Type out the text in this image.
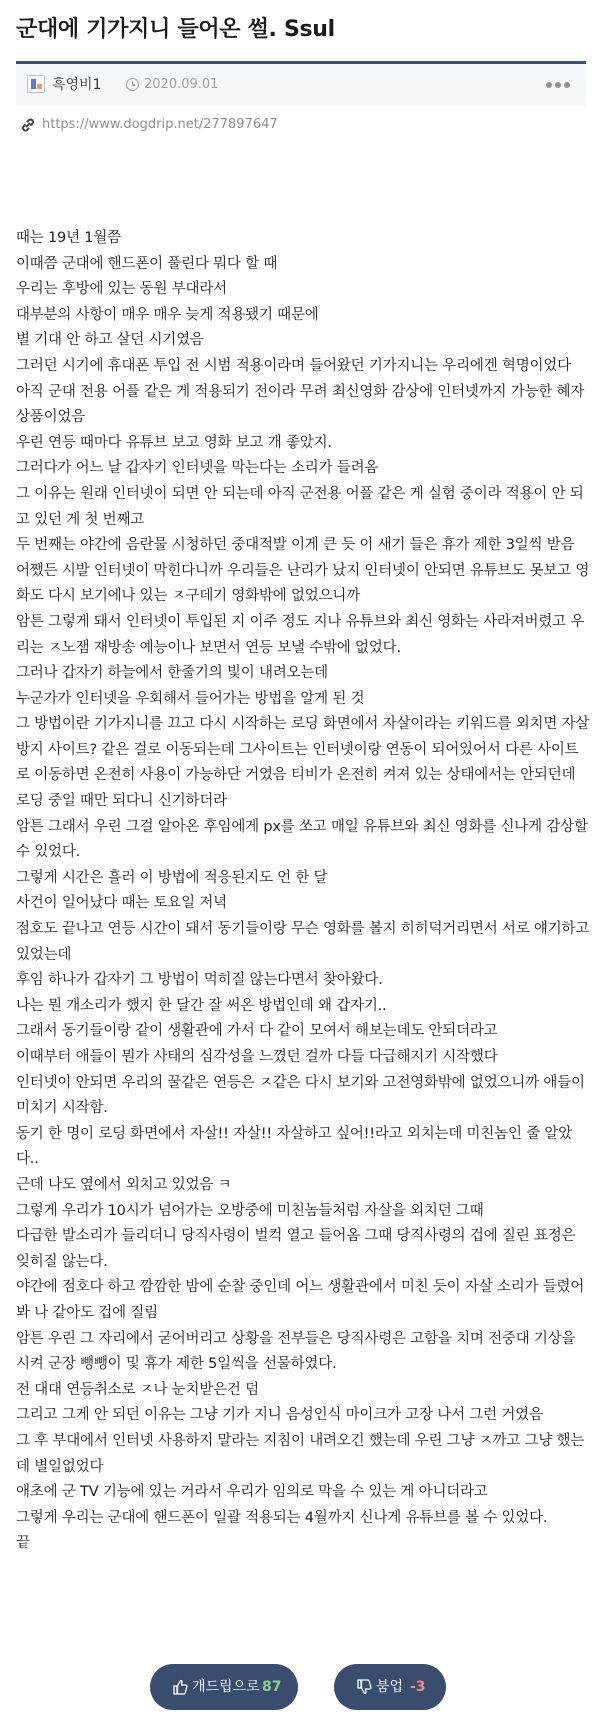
군대에 기가지니 들어온 썰. Ssul
흑영비1	2020.09.01
https://www.dogdrip.net/277897647

때는 19년 1월쯤

이때쯤 군대에 핸드폰이 풀린다 뭐다 할 때

우리는 후방에 있는 동원 부대라서

대부분의 사항이 매우 매우 늦게 적용됐기 때문에

별 기대 안 하고 살던 시기였음

그러던 시기에 휴대폰 투입 전 시범 적용이라며 들어왔던 기가지니는 우리에겐 혁명이었다

아직 군대 전용 어플 같은 게 적용되기 전이라 무려 최신영화 감상에 인터넷까지 가능한 혜자 상품이었음

우린 연등 때마다 유튜브 보고 영화 보고 개 좋았지.

그러다가 어느 날 갑자기 인터넷을 막는다는 소리가 들려옴

그 이유는 원래 인터넷이 되면 안 되는데 아직 군전용 어플 같은 게 실험 중이라 적용이 안 되고 있던 게 첫 번째고

두 번째는 야간에 음란물 시청하던 중대적발 이게 큰 듯 이 새기 들은 휴가 제한 3일씩 받음

어쨌든 시발 인터넷이 막힌다니까 우리들은 난리가 났지 인터넷이 안되면 유튜브도 못보고 영화도 다시 보기에나 있는 ㅈ구데기 영화밖에 없었으니까

암튼 그렇게 돼서 인터넷이 투입된 지 이주 정도 지나 유튜브와 최신 영화는 사라져버렸고 우리는 ㅈ노잼 재방송 예능이나 보면서 연등 보낼 수밖에 없었다.

그러나 갑자기 하늘에서 한줄기의 빛이 내려오는데

누군가가 인터넷을 우회해서 들어가는 방법을 알게 된 것

그 방법이란 기가지니를 끄고 다시 시작하는 로딩 화면에서 자살이라는 키워드를 외치면 자살방지 사이트? 같은 걸로 이동되는데 그사이트는 인터넷이랑 연동이 되어있어서 다른 사이트로 이동하면 온전히 사용이 가능하단 거였음 티비가 온전히 켜져 있는 상태에서는 안되던데 로딩 중일 때만 되다니 신기하더라

암튼 그래서 우린 그걸 알아온 후임에게 px를 쏘고 매일 유튜브와 최신 영화를 신나게 감상할 수 있었다.

그렇게 시간은 흘러 이 방법에 적응된지도 언 한 달

사건이 일어났다 때는 토요일 저녁

점호도 끝나고 연등 시간이 돼서 동기들이랑 무슨 영화를 볼지 히히덕거리면서 서로 얘기하고 있었는데

후임 하나가 갑자기 그 방법이 먹히질 않는다면서 찾아왔다.

나는 뭔 개소리가 했지 한 달간 잘 써온 방법인데 왜 갑자기..

그래서 동기들이랑 같이 생활관에 가서 다 같이 모여서 해보는데도 안되더라고

이때부터 애들이 뭔가 사태의 심각성을 느꼈던 걸까 다들 다급해지기 시작했다

인터넷이 안되면 우리의 꿀같은 연등은 ㅈ같은 다시 보기와 고전영화밖에 없었으니까 애들이 미치기 시작함.

동기 한 명이 로딩 화면에서 자살!! 자살!! 자살하고 싶어!!라고 외치는데 미친놈인 줄 알았다..

근데 나도 옆에서 외치고 있었음 ㅋ

그렇게 우리가 10시가 넘어가는 오방중에 미친놈들처럼 자살을 외치던 그때

다급한 발소리가 들리더니 당직사령이 벌컥 열고 들어옴 그때 당직사령의 겁에 질린 표정은 잊히질 않는다.

야간에 점호다 하고 깜깜한 밤에 순찰 중인데 어느 생활관에서 미친 듯이 자살 소리가 들렸어 봐 나 같아도 겁에 질림

암튼 우린 그 자리에서 굳어버리고 상황을 전부들은 당직사령은 고함을 치며 전중대 기상을 시켜 군장 뺑뺑이 및 휴가 제한 5일씩을 선물하였다.

전 대대 연등취소로 ㅈ나 눈치받은건 덤

그리고 그게 안 되던 이유는 그냥 기가 지니 음성인식 마이크가 고장 나서 그런 거였음

그 후 부대에서 인터넷 사용하지 말라는 지침이 내려오긴 했는데 우린 그냥 ㅈ까고 그냥 했는데 별일없었다

애초에 군 TV 기능에 있는 거라서 우리가 임의로 막을 수 있는 게 아니더라고

그렇게 우리는 군대에 핸드폰이 일괄 적용되는 4월까지 신나게 유튜브를 볼 수 있었다.

끝

개드립으로 87	붐업 -3
